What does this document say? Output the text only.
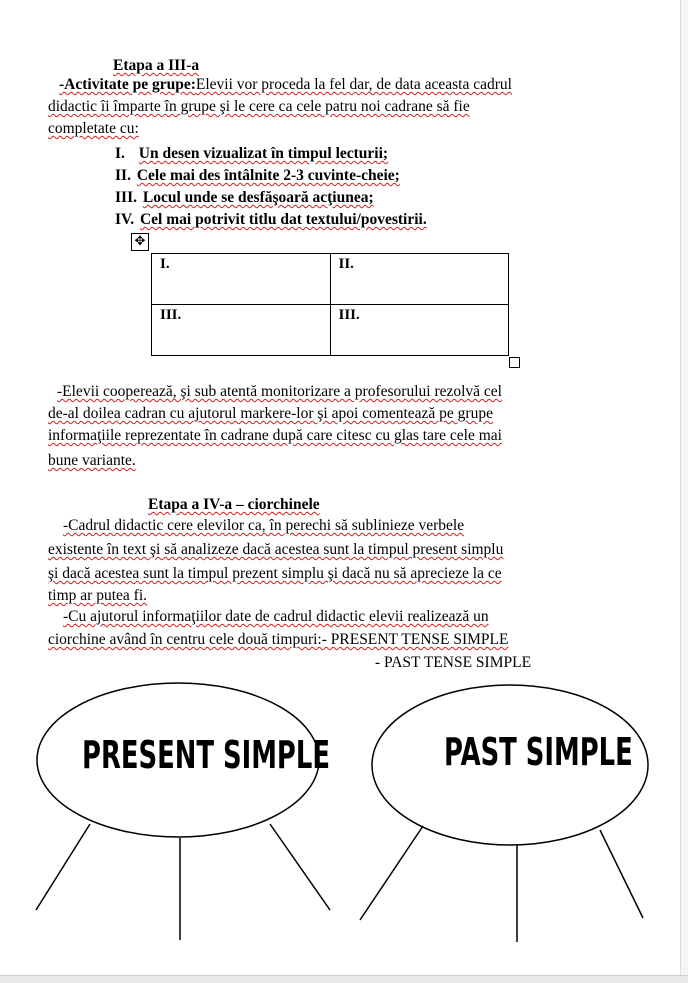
Etapa a III-a
-Activitate pe grupe:Elevii vor proceda la fel dar, de data aceasta cadrul
didactic îi împarte în grupe şi le cere ca cele patru noi cadrane să fie
completate cu:
I. Un desen vizualizat în timpul lecturii;
II. Cele mai des întâlnite 2-3 cuvinte-cheie;
III. Locul unde se desfăşoară acţiunea;
IV. Cel mai potrivit titlu dat textului/povestirii.
✥
I.	II.
III.	III.
-Elevii cooperează, şi sub atentă monitorizare a profesorului rezolvă cel
de-al doilea cadran cu ajutorul markere-lor şi apoi comentează pe grupe
informaţiile reprezentate în cadrane după care citesc cu glas tare cele mai
bune variante.
Etapa a IV-a – ciorchinele
-Cadrul didactic cere elevilor ca, în perechi să sublinieze verbele
existente în text şi să analizeze dacă acestea sunt la timpul present simplu
şi dacă acestea sunt la timpul prezent simplu şi dacă nu să aprecieze la ce
timp ar putea fi.
-Cu ajutorul informaţiilor date de cadrul didactic elevii realizează un
ciorchine având în centru cele două timpuri:- PRESENT TENSE SIMPLE
- PAST TENSE SIMPLE
PRESENT SIMPLE	PAST SIMPLE
